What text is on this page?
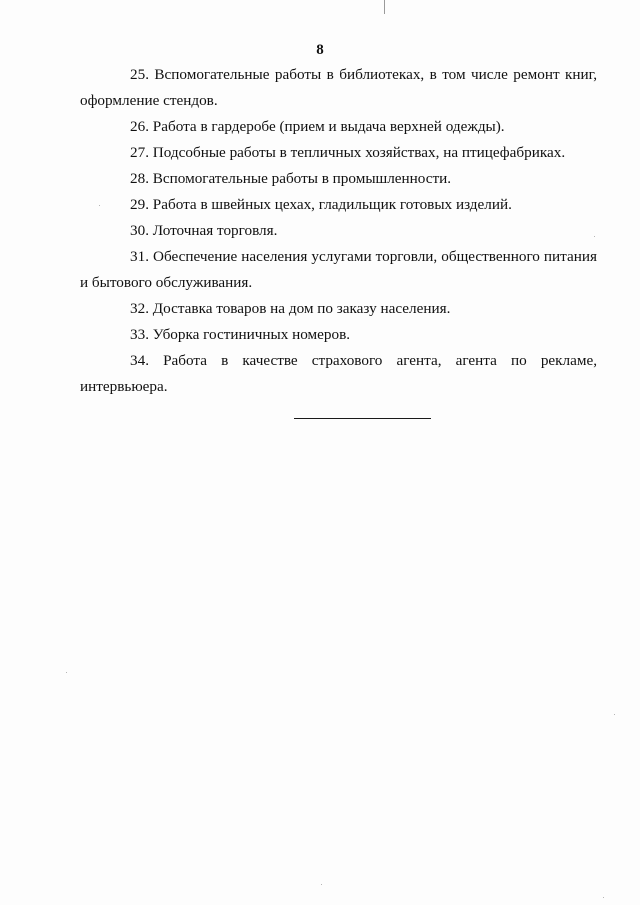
8
25. Вспомогательные работы в библиотеках, в том числе ремонт книг,
оформление стендов.
26. Работа в гардеробе (прием и выдача верхней одежды).
27. Подсобные работы в тепличных хозяйствах, на птицефабриках.
28. Вспомогательные работы в промышленности.
29. Работа в швейных цехах, гладильщик готовых изделий.
30. Лоточная торговля.
31. Обеспечение населения услугами торговли, общественного питания
и бытового обслуживания.
32. Доставка товаров на дом по заказу населения.
33. Уборка гостиничных номеров.
34. Работа в качестве страхового агента, агента по рекламе,
интервьюера.
